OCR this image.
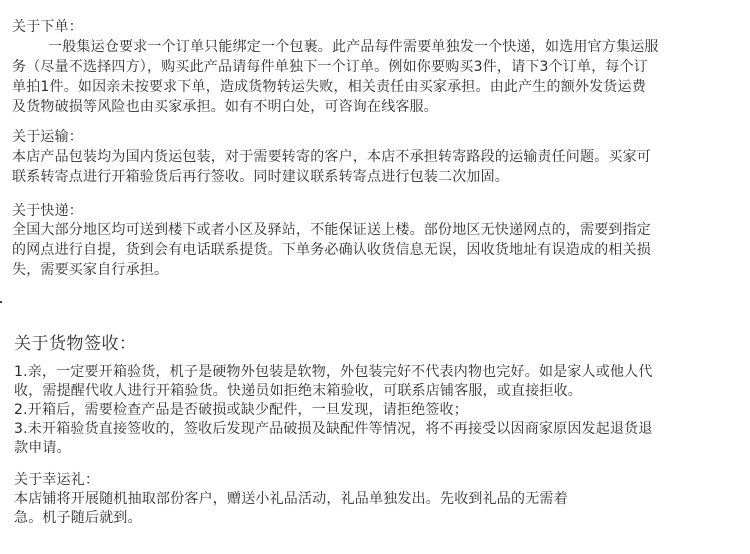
关于下单：
一般集运仓要求一个订单只能绑定一个包裹。此产品每件需要单独发一个快递，如选用官方集运服
务（尽量不选择四方），购买此产品请每件单独下一个订单。例如你要购买3件，请下3个订单，每个订
单拍1件。如因亲未按要求下单，造成货物转运失败，相关责任由买家承担。由此产生的额外发货运费
及货物破损等风险也由买家承担。如有不明白处，可咨询在线客服。
关于运输：
本店产品包装均为国内货运包装，对于需要转寄的客户，本店不承担转寄路段的运输责任问题。买家可
联系转寄点进行开箱验货后再行签收。同时建议联系转寄点进行包装二次加固。
关于快递：
全国大部分地区均可送到楼下或者小区及驿站，不能保证送上楼。部份地区无快递网点的，需要到指定
的网点进行自提，货到会有电话联系提货。下单务必确认收货信息无误，因收货地址有误造成的相关损
失，需要买家自行承担。
关于货物签收：
1.亲，一定要开箱验货，机子是硬物外包装是软物，外包装完好不代表内物也完好。如是家人或他人代
收，需提醒代收人进行开箱验货。快递员如拒绝末箱验收，可联系店铺客服，或直接拒收。
2.开箱后，需要检查产品是否破损或缺少配件，一旦发现，请拒绝签收；
3.未开箱验货直接签收的，签收后发现产品破损及缺配件等情况，将不再接受以因商家原因发起退货退
款申请。
关于幸运礼：
本店铺将开展随机抽取部份客户，赠送小礼品活动，礼品单独发出。先收到礼品的无需着
急。机子随后就到。
